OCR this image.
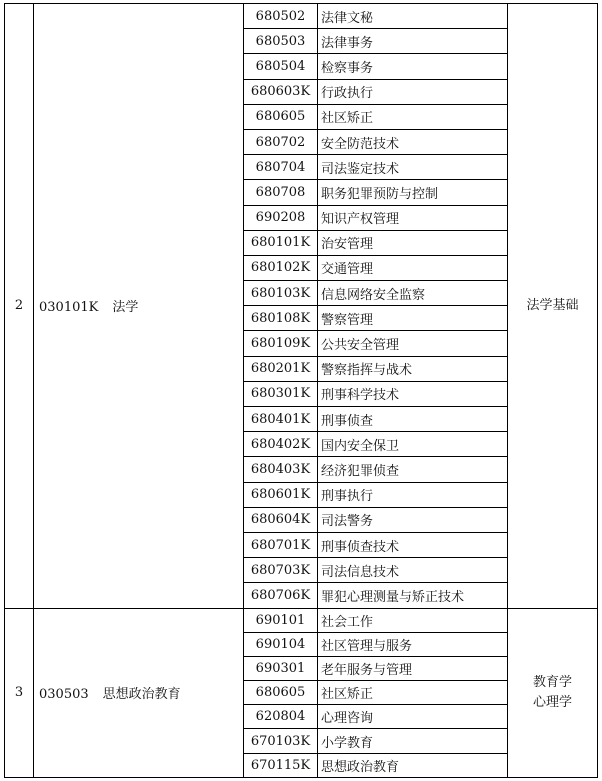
2	030101K 法学	680502	法律文秘	法学基础

		680503	法律事务	
		680504	检察事务	
		680603K	行政执行	
		680605	社区矫正	
		680702	安全防范技术	
		680704	司法鉴定技术	
		680708	职务犯罪预防与控制	
		690208	知识产权管理	
		680101K	治安管理	
		680102K	交通管理	
		680103K	信息网络安全监察	
		680108K	警察管理	
		680109K	公共安全管理	
		680201K	警察指挥与战术	
		680301K	刑事科学技术	
		680401K	刑事侦查	
		680402K	国内安全保卫	
		680403K	经济犯罪侦查	
		680601K	刑事执行	
		680604K	司法警务	
		680701K	刑事侦查技术	
		680703K	司法信息技术	
		680706K	罪犯心理测量与矫正技术	
3	030503 思想政治教育	690101	社会工作	教育学
心理学

		690104	社区管理与服务	
		690301	老年服务与管理	
		680605	社区矫正	
		620804	心理咨询	
		670103K	小学教育	
		670115K	思想政治教育	
